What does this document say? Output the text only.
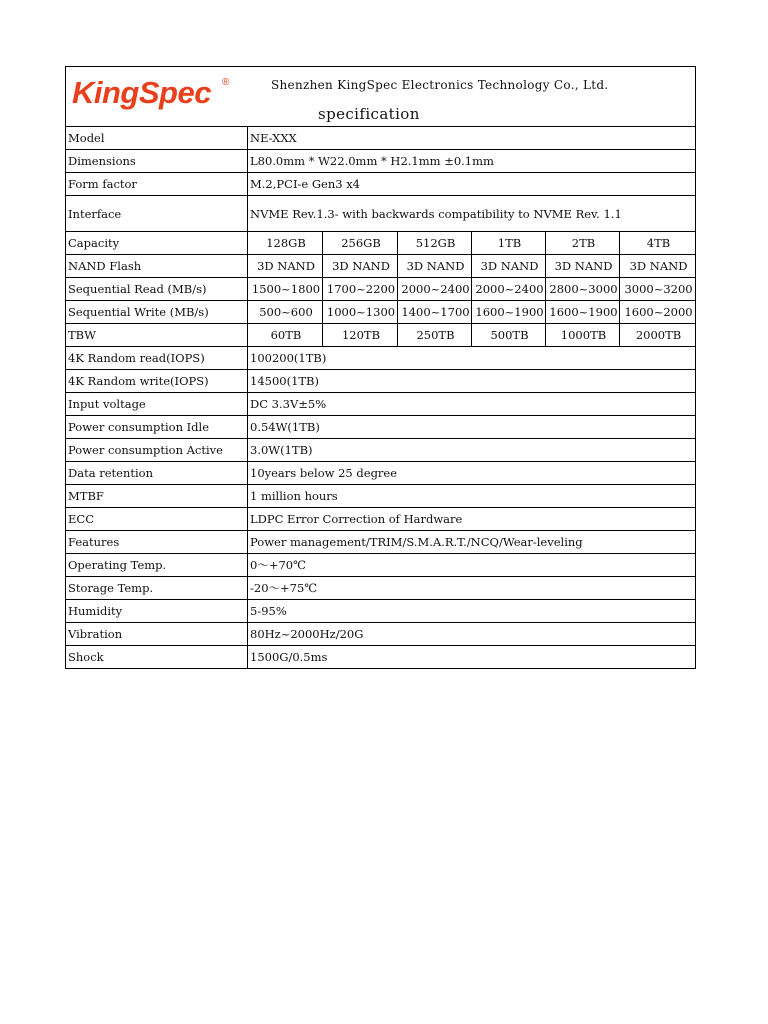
KingSpec ® Shenzhen KingSpec Electronics Technology Co., Ltd.
specification						

Model	NE-XXX					
Dimensions	L80.0mm * W22.0mm * H2.1mm ±0.1mm					
Form factor	M.2,PCI-e Gen3 x4					
Interface	NVME Rev.1.3- with backwards compatibility to NVME Rev. 1.1					
Capacity	128GB	256GB	512GB	1TB	2TB	4TB
NAND Flash	3D NAND	3D NAND	3D NAND	3D NAND	3D NAND	3D NAND
Sequential Read (MB/s)	1500~1800	1700~2200	2000~2400	2000~2400	2800~3000	3000~3200
Sequential Write (MB/s)	500~600	1000~1300	1400~1700	1600~1900	1600~1900	1600~2000
TBW	60TB	120TB	250TB	500TB	1000TB	2000TB
4K Random read(IOPS)	100200(1TB)					
4K Random write(IOPS)	14500(1TB)					
Input voltage	DC 3.3V±5%					
Power consumption Idle	0.54W(1TB)					
Power consumption Active	3.0W(1TB)					
Data retention	10years below 25 degree					
MTBF	1 million hours					
ECC	LDPC Error Correction of Hardware					
Features	Power management/TRIM/S.M.A.R.T./NCQ/Wear-leveling					
Operating Temp.	0～+70℃					
Storage Temp.	-20～+75℃					
Humidity	5-95%					
Vibration	80Hz~2000Hz/20G					
Shock	1500G/0.5ms					
